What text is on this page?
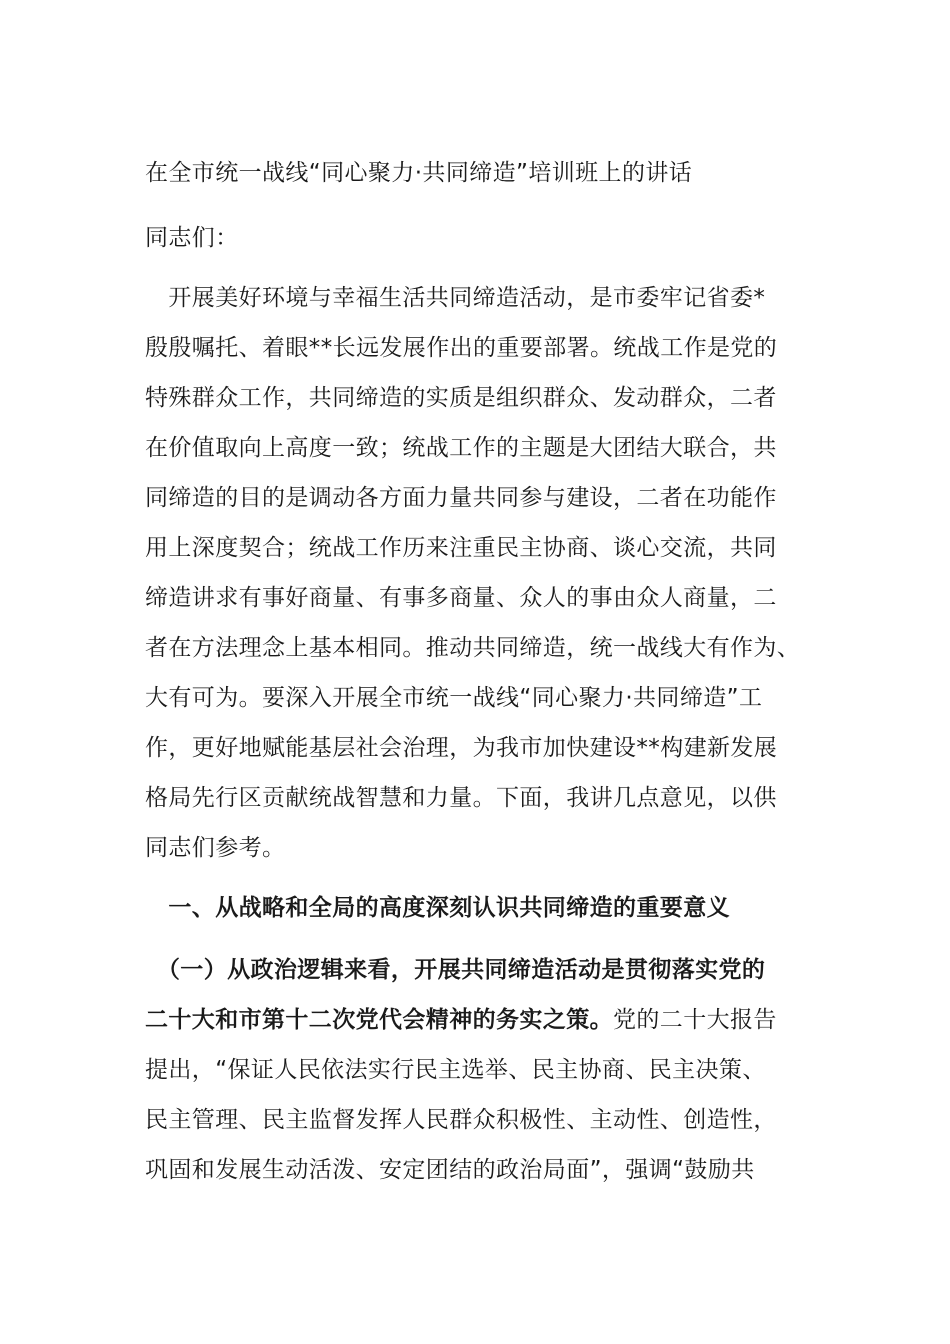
在全市统一战线“同心聚力·共同缔造”培训班上的讲话
同志们：
　开展美好环境与幸福生活共同缔造活动，是市委牢记省委*
殷殷嘱托、着眼**长远发展作出的重要部署。统战工作是党的
特殊群众工作，共同缔造的实质是组织群众、发动群众，二者
在价值取向上高度一致；统战工作的主题是大团结大联合，共
同缔造的目的是调动各方面力量共同参与建设，二者在功能作
用上深度契合；统战工作历来注重民主协商、谈心交流，共同
缔造讲求有事好商量、有事多商量、众人的事由众人商量，二
者在方法理念上基本相同。推动共同缔造，统一战线大有作为、
大有可为。要深入开展全市统一战线“同心聚力·共同缔造”工
作，更好地赋能基层社会治理，为我市加快建设**构建新发展
格局先行区贡献统战智慧和力量。下面，我讲几点意见，以供
同志们参考。
　一、从战略和全局的高度深刻认识共同缔造的重要意义
　（一）从政治逻辑来看，开展共同缔造活动是贯彻落实党的
二十大和市第十二次党代会精神的务实之策。党的二十大报告
提出，“保证人民依法实行民主选举、民主协商、民主决策、
民主管理、民主监督发挥人民群众积极性、主动性、创造性，
巩固和发展生动活泼、安定团结的政治局面”，强调“鼓励共
